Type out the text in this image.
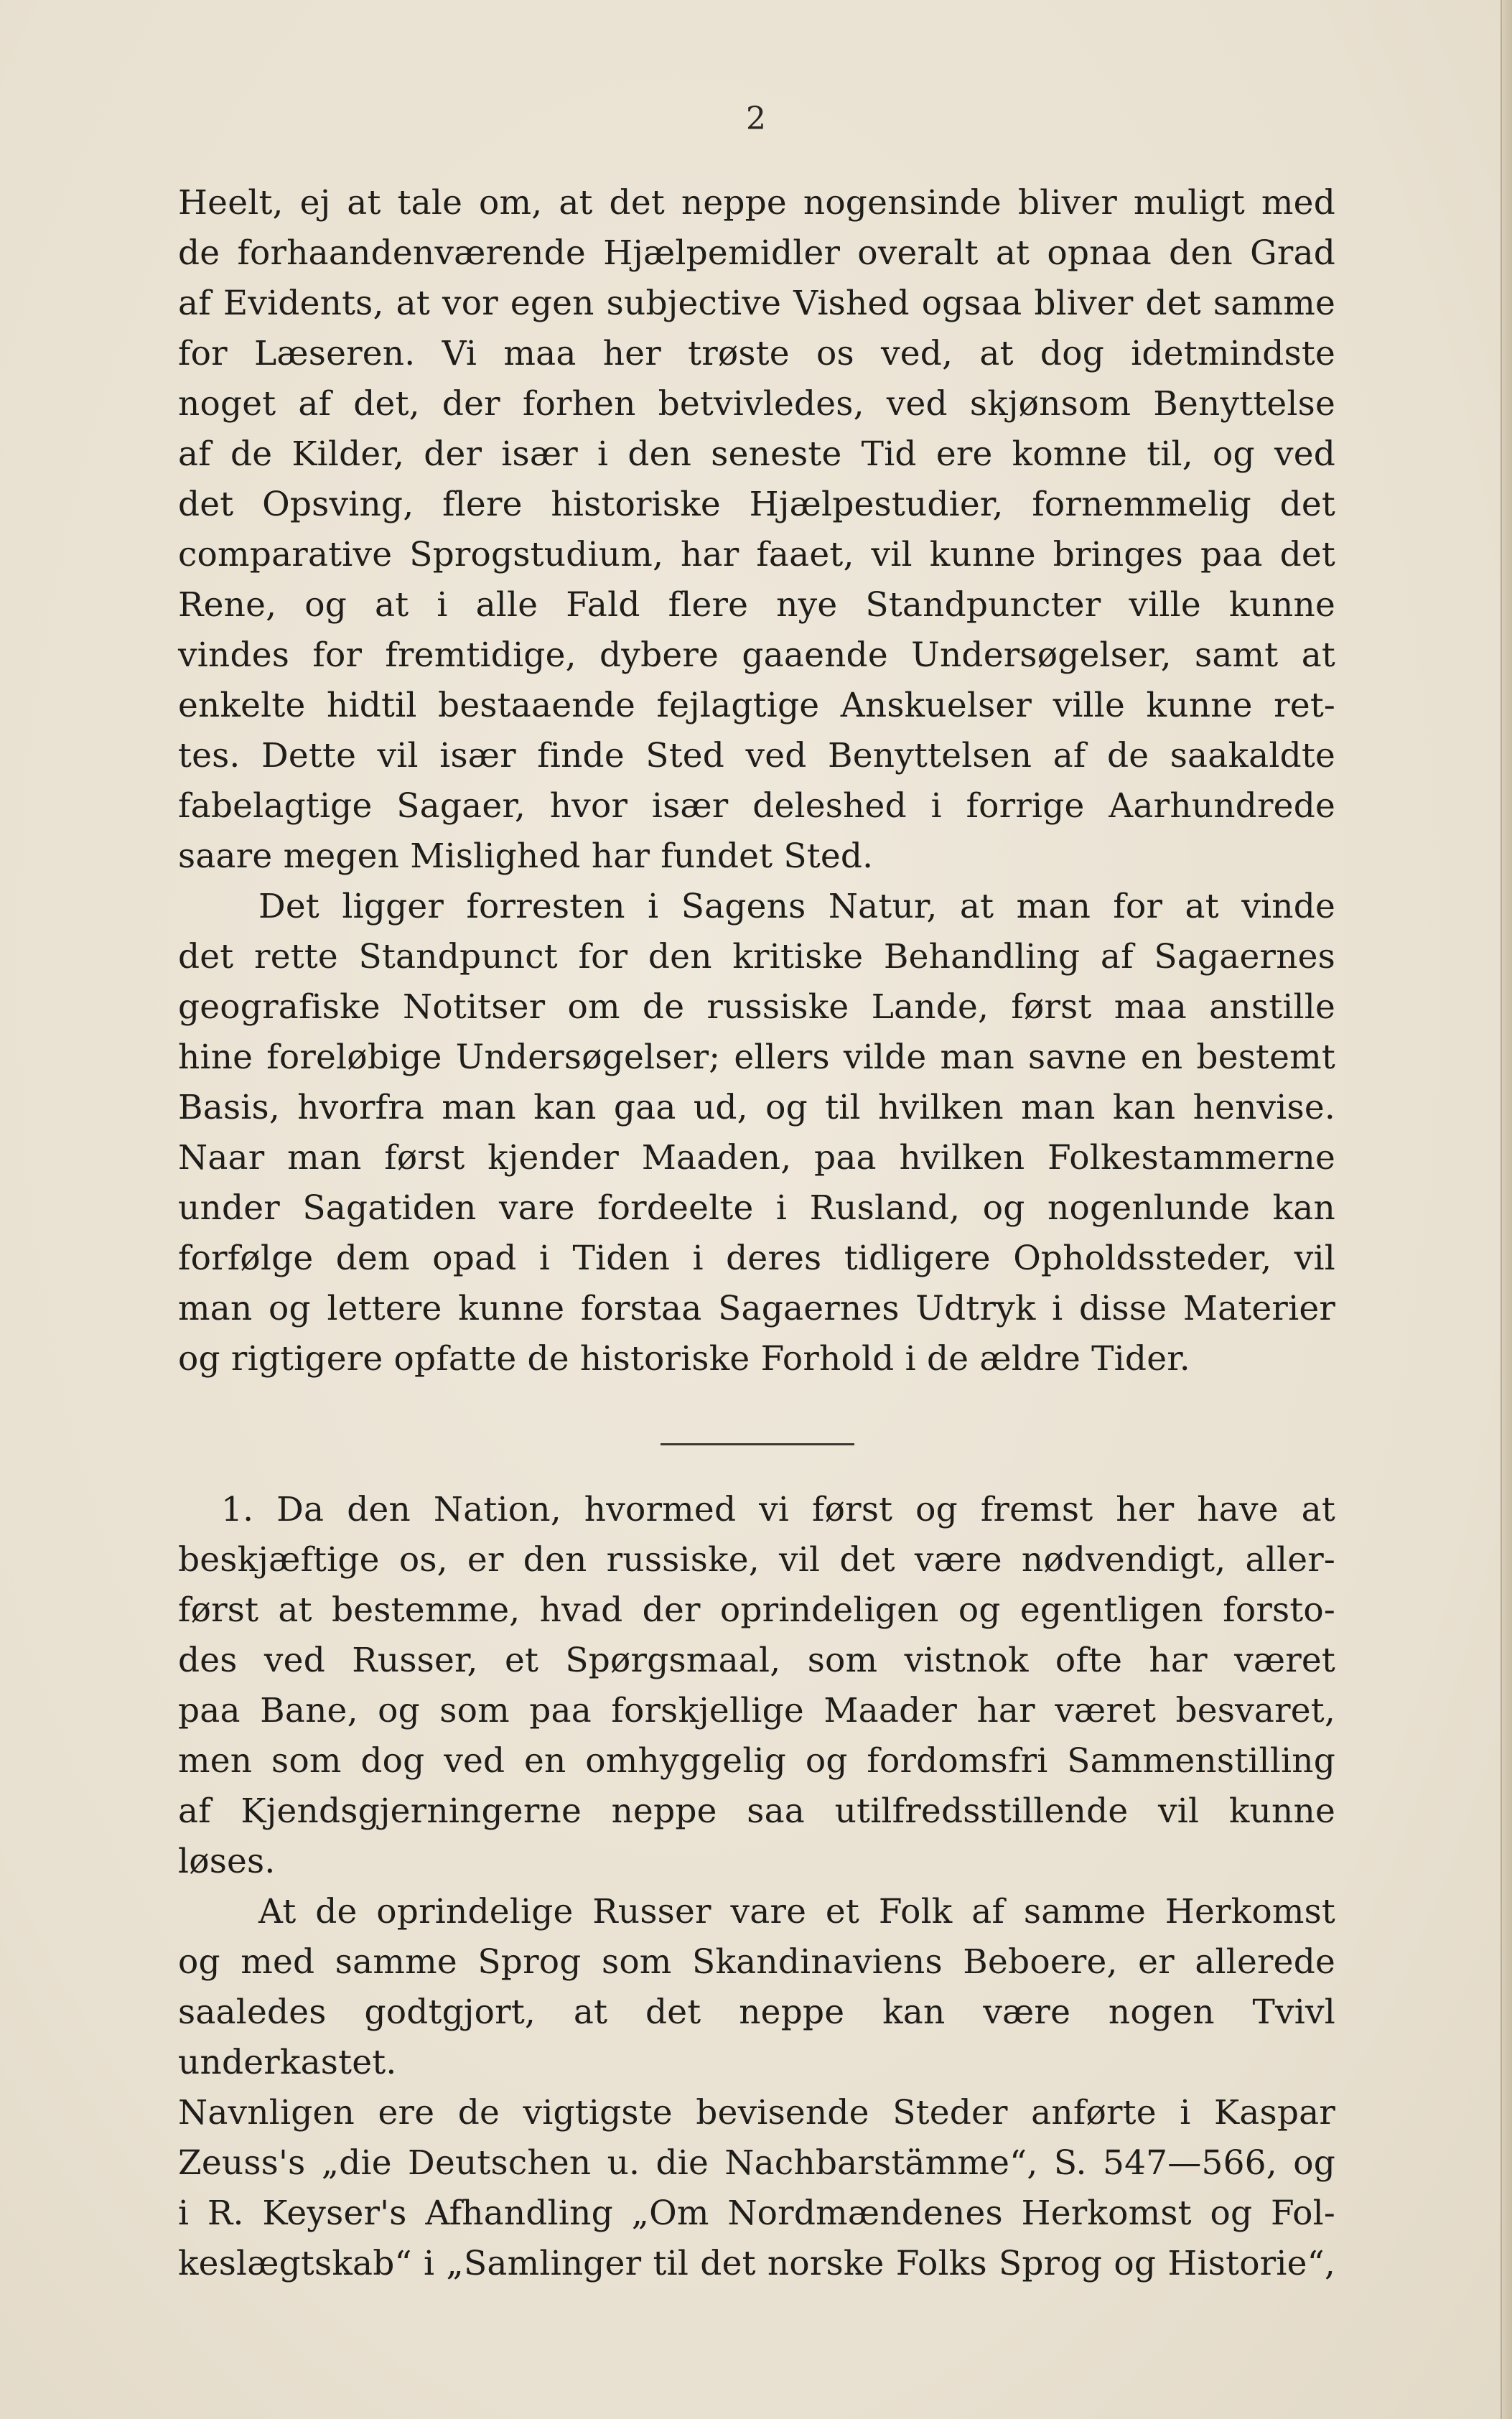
2

Heelt, ej at tale om, at det neppe nogensinde bliver muligt med

de forhaandenværende Hjælpemidler overalt at opnaa den Grad

af Evidents, at vor egen subjective Vished ogsaa bliver det samme

for Læseren. Vi maa her trøste os ved, at dog idetmindste

noget af det, der forhen betvivledes, ved skjønsom Benyttelse

af de Kilder, der især i den seneste Tid ere komne til, og ved

det Opsving, flere historiske Hjælpestudier, fornemmelig det

comparative Sprogstudium, har faaet, vil kunne bringes paa det

Rene, og at i alle Fald flere nye Standpuncter ville kunne

vindes for fremtidige, dybere gaaende Undersøgelser, samt at

enkelte hidtil bestaaende fejlagtige Anskuelser ville kunne ret-

tes. Dette vil især finde Sted ved Benyttelsen af de saakaldte

fabelagtige Sagaer, hvor især deleshed i forrige Aarhundrede

saare megen Mislighed har fundet Sted.

Det ligger forresten i Sagens Natur, at man for at vinde

det rette Standpunct for den kritiske Behandling af Sagaernes

geografiske Notitser om de russiske Lande, først maa anstille

hine foreløbige Undersøgelser; ellers vilde man savne en bestemt

Basis, hvorfra man kan gaa ud, og til hvilken man kan henvise.

Naar man først kjender Maaden, paa hvilken Folkestammerne

under Sagatiden vare fordeelte i Rusland, og nogenlunde kan

forfølge dem opad i Tiden i deres tidligere Opholdssteder, vil

man og lettere kunne forstaa Sagaernes Udtryk i disse Materier

og rigtigere opfatte de historiske Forhold i de ældre Tider.

1. Da den Nation, hvormed vi først og fremst her have at

beskjæftige os, er den russiske, vil det være nødvendigt, aller-

først at bestemme, hvad der oprindeligen og egentligen forsto-

des ved Russer, et Spørgsmaal, som vistnok ofte har været

paa Bane, og som paa forskjellige Maader har været besvaret,

men som dog ved en omhyggelig og fordomsfri Sammenstilling

af Kjendsgjerningerne neppe saa utilfredsstillende vil kunne

løses.

At de oprindelige Russer vare et Folk af samme Herkomst

og med samme Sprog som Skandinaviens Beboere, er allerede

saaledes godtgjort, at det neppe kan være nogen Tvivl underkastet.

Navnligen ere de vigtigste bevisende Steder anførte i Kaspar

Zeuss's „die Deutschen u. die Nachbarstämme“, S. 547—566, og

i R. Keyser's Afhandling „Om Nordmændenes Herkomst og Fol-

keslægtskab“ i „Samlinger til det norske Folks Sprog og Historie“,
